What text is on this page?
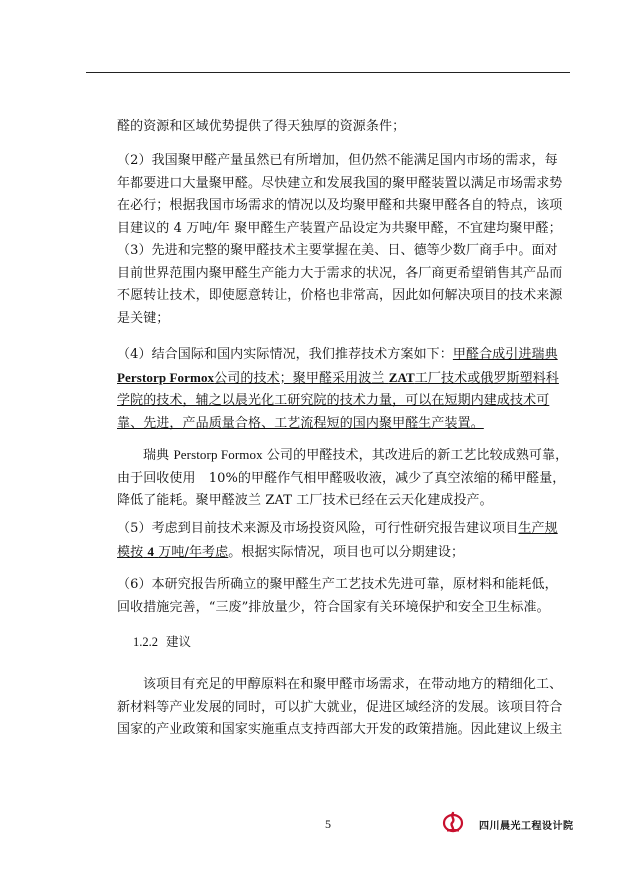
醛的资源和区域优势提供了得天独厚的资源条件；

（2）我国聚甲醛产量虽然已有所增加，但仍然不能满足国内市场的需求，每年都要进口大量聚甲醛。尽快建立和发展我国的聚甲醛装置以满足市场需求势在必行；根据我国市场需求的情况以及均聚甲醛和共聚甲醛各自的特点，该项目建议的 4 万吨/年 聚甲醛生产装置产品设定为共聚甲醛，不宜建均聚甲醛；

（3）先进和完整的聚甲醛技术主要掌握在美、日、德等少数厂商手中。面对目前世界范围内聚甲醛生产能力大于需求的状况，各厂商更希望销售其产品而不愿转让技术，即使愿意转让，价格也非常高，因此如何解决项目的技术来源是关键；

（4）结合国际和国内实际情况，我们推荐技术方案如下：甲醛合成引进瑞典Perstorp Formox公司的技术；聚甲醛采用波兰 ZAT工厂技术或俄罗斯塑料科学院的技术，辅之以晨光化工研究院的技术力量，可以在短期内建成技术可靠、先进，产品质量合格、工艺流程短的国内聚甲醛生产装置。

瑞典 Perstorp Formox 公司的甲醛技术，其改进后的新工艺比较成熟可靠，由于回收使用　10%的甲醛作气相甲醛吸收液，减少了真空浓缩的稀甲醛量，降低了能耗。聚甲醛波兰 ZAT 工厂技术已经在云天化建成投产。

（5）考虑到目前技术来源及市场投资风险，可行性研究报告建议项目生产规模按 4 万吨/年考虑。根据实际情况，项目也可以分期建设；

（6）本研究报告所确立的聚甲醛生产工艺技术先进可靠，原材料和能耗低，回收措施完善，“三废”排放量少，符合国家有关环境保护和安全卫生标准。

1.2.2 建议

该项目有充足的甲醇原料在和聚甲醛市场需求，在带动地方的精细化工、新材料等产业发展的同时，可以扩大就业，促进区域经济的发展。该项目符合国家的产业政策和国家实施重点支持西部大开发的政策措施。因此建议上级主

5	四川晨光工程设计院
